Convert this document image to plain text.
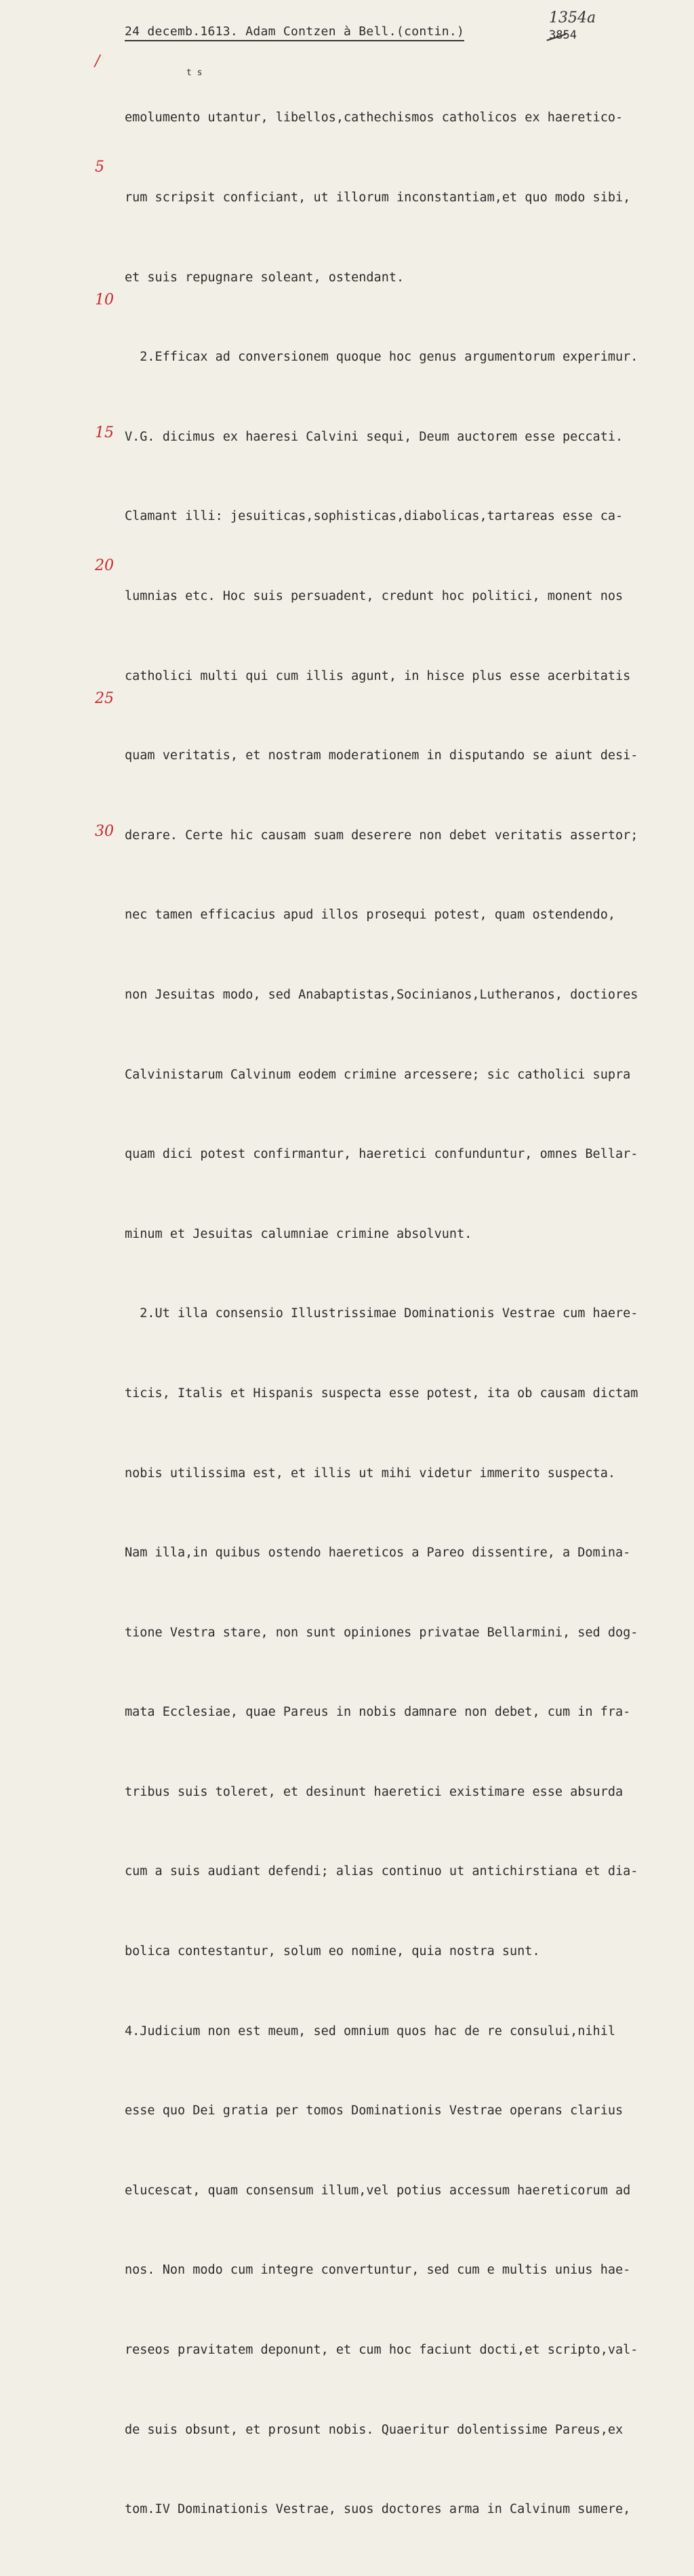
24 decemb.1613. Adam Contzen à Bell.(contin.)
1354a
3854
t s
/
5
10
15
20
25
30

emolumento utantur, libellos,cathechismos catholicos ex haeretico-

rum scripsit conficiant, ut illorum inconstantiam,et quo modo sibi,

et suis repugnare soleant, ostendant.

2.Efficax ad conversionem quoque hoc genus argumentorum experimur.

V.G. dicimus ex haeresi Calvini sequi, Deum auctorem esse peccati.

Clamant illi: jesuiticas,sophisticas,diabolicas,tartareas esse ca-

lumnias etc. Hoc suis persuadent, credunt hoc politici, monent nos

catholici multi qui cum illis agunt, in hisce plus esse acerbitatis

quam veritatis, et nostram moderationem in disputando se aiunt desi-

derare. Certe hic causam suam deserere non debet veritatis assertor;

nec tamen efficacius apud illos prosequi potest, quam ostendendo,

non Jesuitas modo, sed Anabaptistas,Socinianos,Lutheranos, doctiores

Calvinistarum Calvinum eodem crimine arcessere; sic catholici supra

quam dici potest confirmantur, haeretici confunduntur, omnes Bellar-

minum et Jesuitas calumniae crimine absolvunt.

2.Ut illa consensio Illustrissimae Dominationis Vestrae cum haere-

ticis, Italis et Hispanis suspecta esse potest, ita ob causam dictam

nobis utilissima est, et illis ut mihi videtur immerito suspecta.

Nam illa,in quibus ostendo haereticos a Pareo dissentire, a Domina-

tione Vestra stare, non sunt opiniones privatae Bellarmini, sed dog-

mata Ecclesiae, quae Pareus in nobis damnare non debet, cum in fra-

tribus suis toleret, et desinunt haeretici existimare esse absurda

cum a suis audiant defendi; alias continuo ut antichirstiana et dia-

bolica contestantur, solum eo nomine, quia nostra sunt.

4.Judicium non est meum, sed omnium quos hac de re consului,nihil

esse quo Dei gratia per tomos Dominationis Vestrae operans clarius

elucescat, quam consensum illum,vel potius accessum haereticorum ad

nos. Non modo cum integre convertuntur, sed cum e multis unius hae-

reseos pravitatem deponunt, et cum hoc faciunt docti,et scripto,val-

de suis obsunt, et prosunt nobis. Quaeritur dolentissime Pareus,ex

tom.IV Dominationis Vestrae, suos doctores arma in Calvinum sumere,
